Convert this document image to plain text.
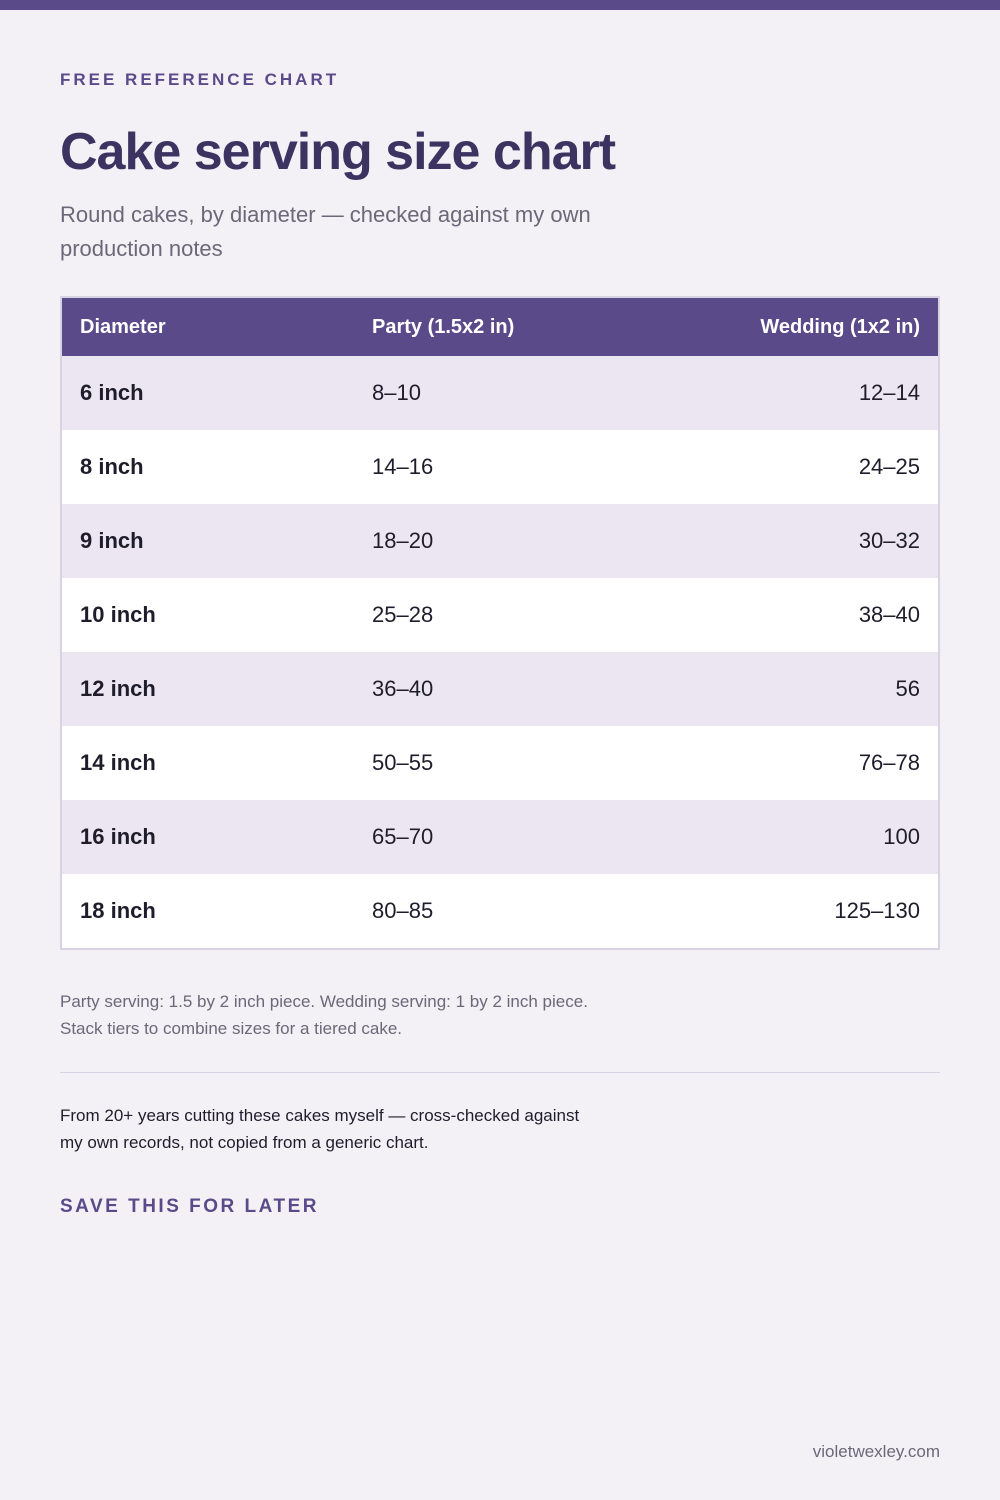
FREE REFERENCE CHART
Cake serving size chart

Round cakes, by diameter — checked against my own production notes

Diameter	Party (1.5x2 in)	Wedding (1x2 in)
6 inch	8–10	12–14
8 inch	14–16	24–25
9 inch	18–20	30–32
10 inch	25–28	38–40
12 inch	36–40	56
14 inch	50–55	76–78
16 inch	65–70	100
18 inch	80–85	125–130

Party serving: 1.5 by 2 inch piece. Wedding serving: 1 by 2 inch piece. Stack tiers to combine sizes for a tiered cake.

From 20+ years cutting these cakes myself — cross-checked against my own records, not copied from a generic chart.

SAVE THIS FOR LATER
violetwexley.com
